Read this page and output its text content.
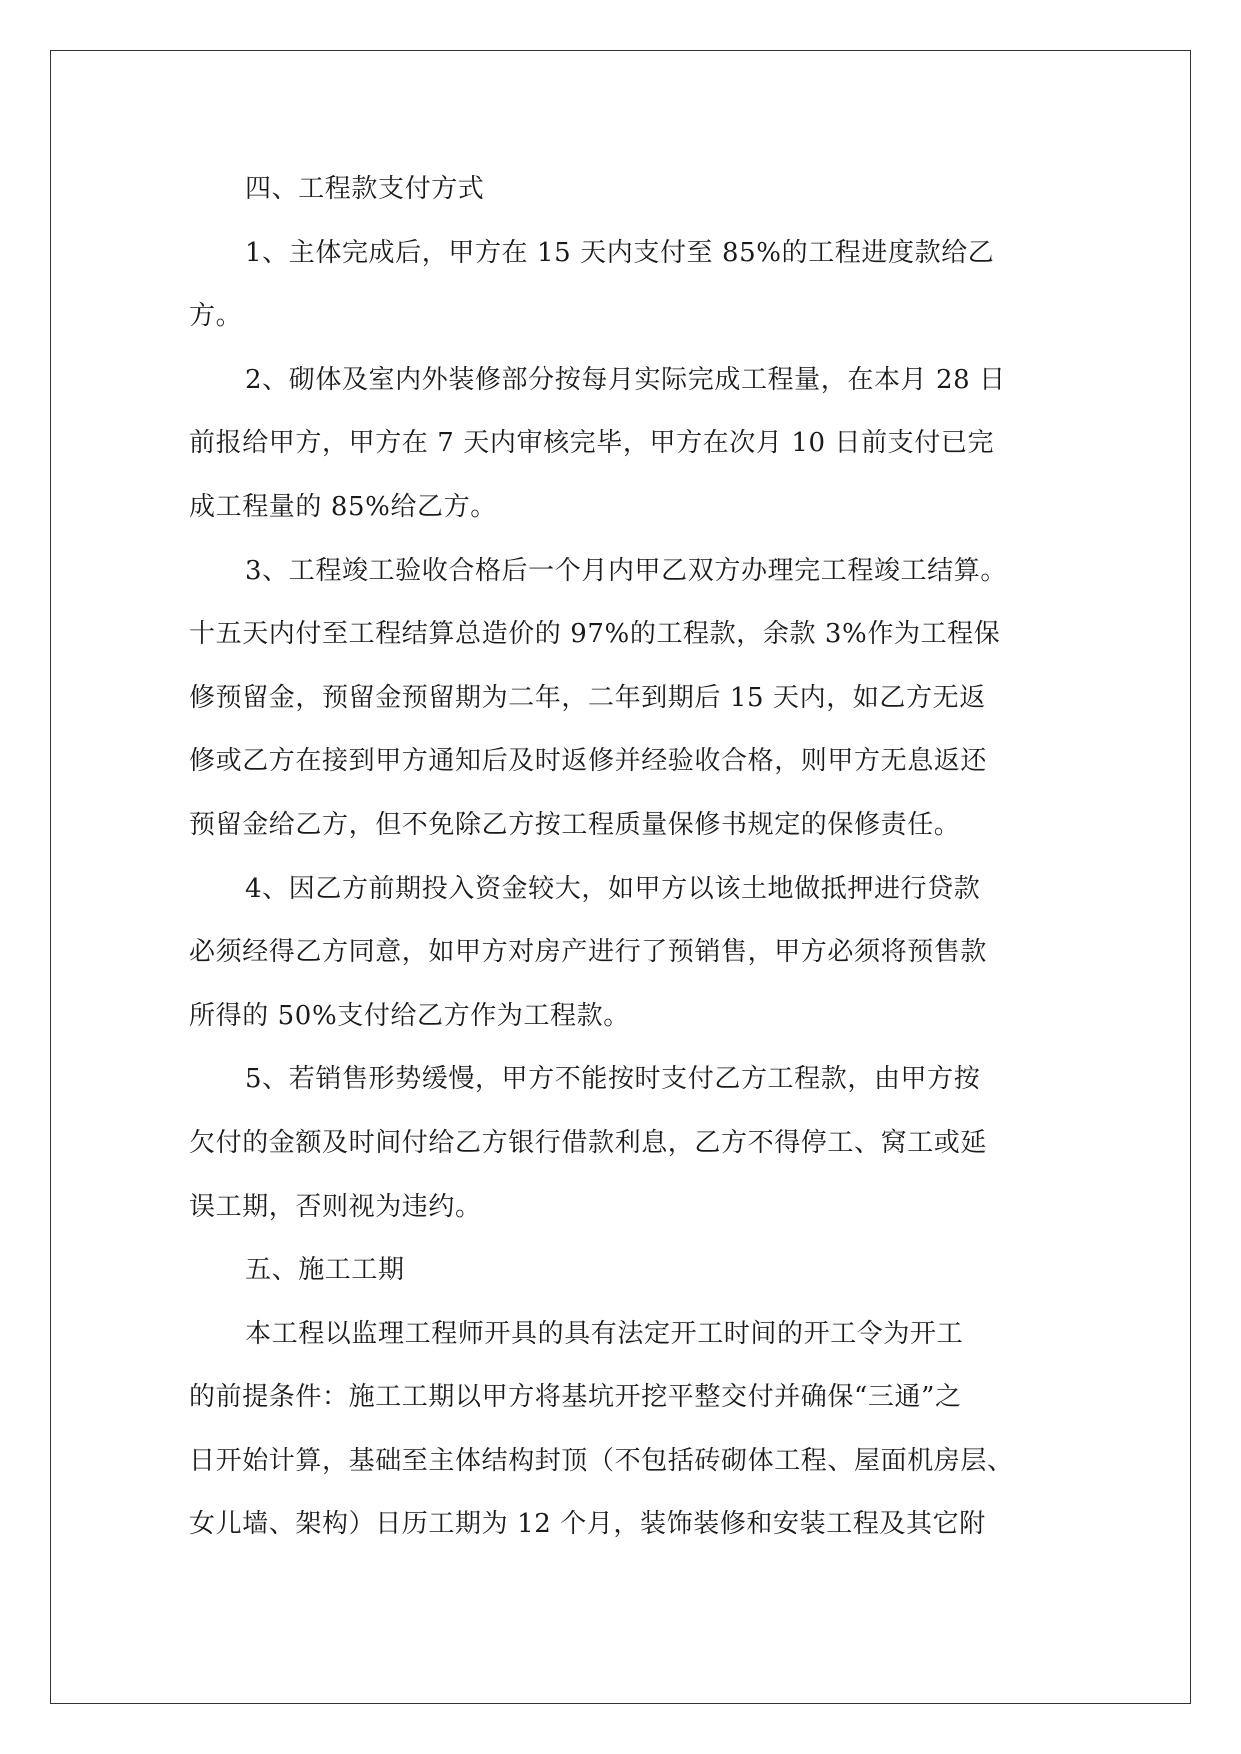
四、工程款支付方式
1、主体完成后，甲方在 15 天内支付至 85%的工程进度款给乙
方。
2、砌体及室内外装修部分按每月实际完成工程量，在本月 28 日
前报给甲方，甲方在 7 天内审核完毕，甲方在次月 10 日前支付已完
成工程量的 85%给乙方。
3、工程竣工验收合格后一个月内甲乙双方办理完工程竣工结算。
十五天内付至工程结算总造价的 97%的工程款，余款 3%作为工程保
修预留金，预留金预留期为二年，二年到期后 15 天内，如乙方无返
修或乙方在接到甲方通知后及时返修并经验收合格，则甲方无息返还
预留金给乙方，但不免除乙方按工程质量保修书规定的保修责任。
4、因乙方前期投入资金较大，如甲方以该土地做抵押进行贷款
必须经得乙方同意，如甲方对房产进行了预销售，甲方必须将预售款
所得的 50%支付给乙方作为工程款。
5、若销售形势缓慢，甲方不能按时支付乙方工程款，由甲方按
欠付的金额及时间付给乙方银行借款利息，乙方不得停工、窝工或延
误工期，否则视为违约。
五、施工工期
本工程以监理工程师开具的具有法定开工时间的开工令为开工
的前提条件：施工工期以甲方将基坑开挖平整交付并确保“三通”之
日开始计算，基础至主体结构封顶（不包括砖砌体工程、屋面机房层、
女儿墙、架构）日历工期为 12 个月，装饰装修和安装工程及其它附
